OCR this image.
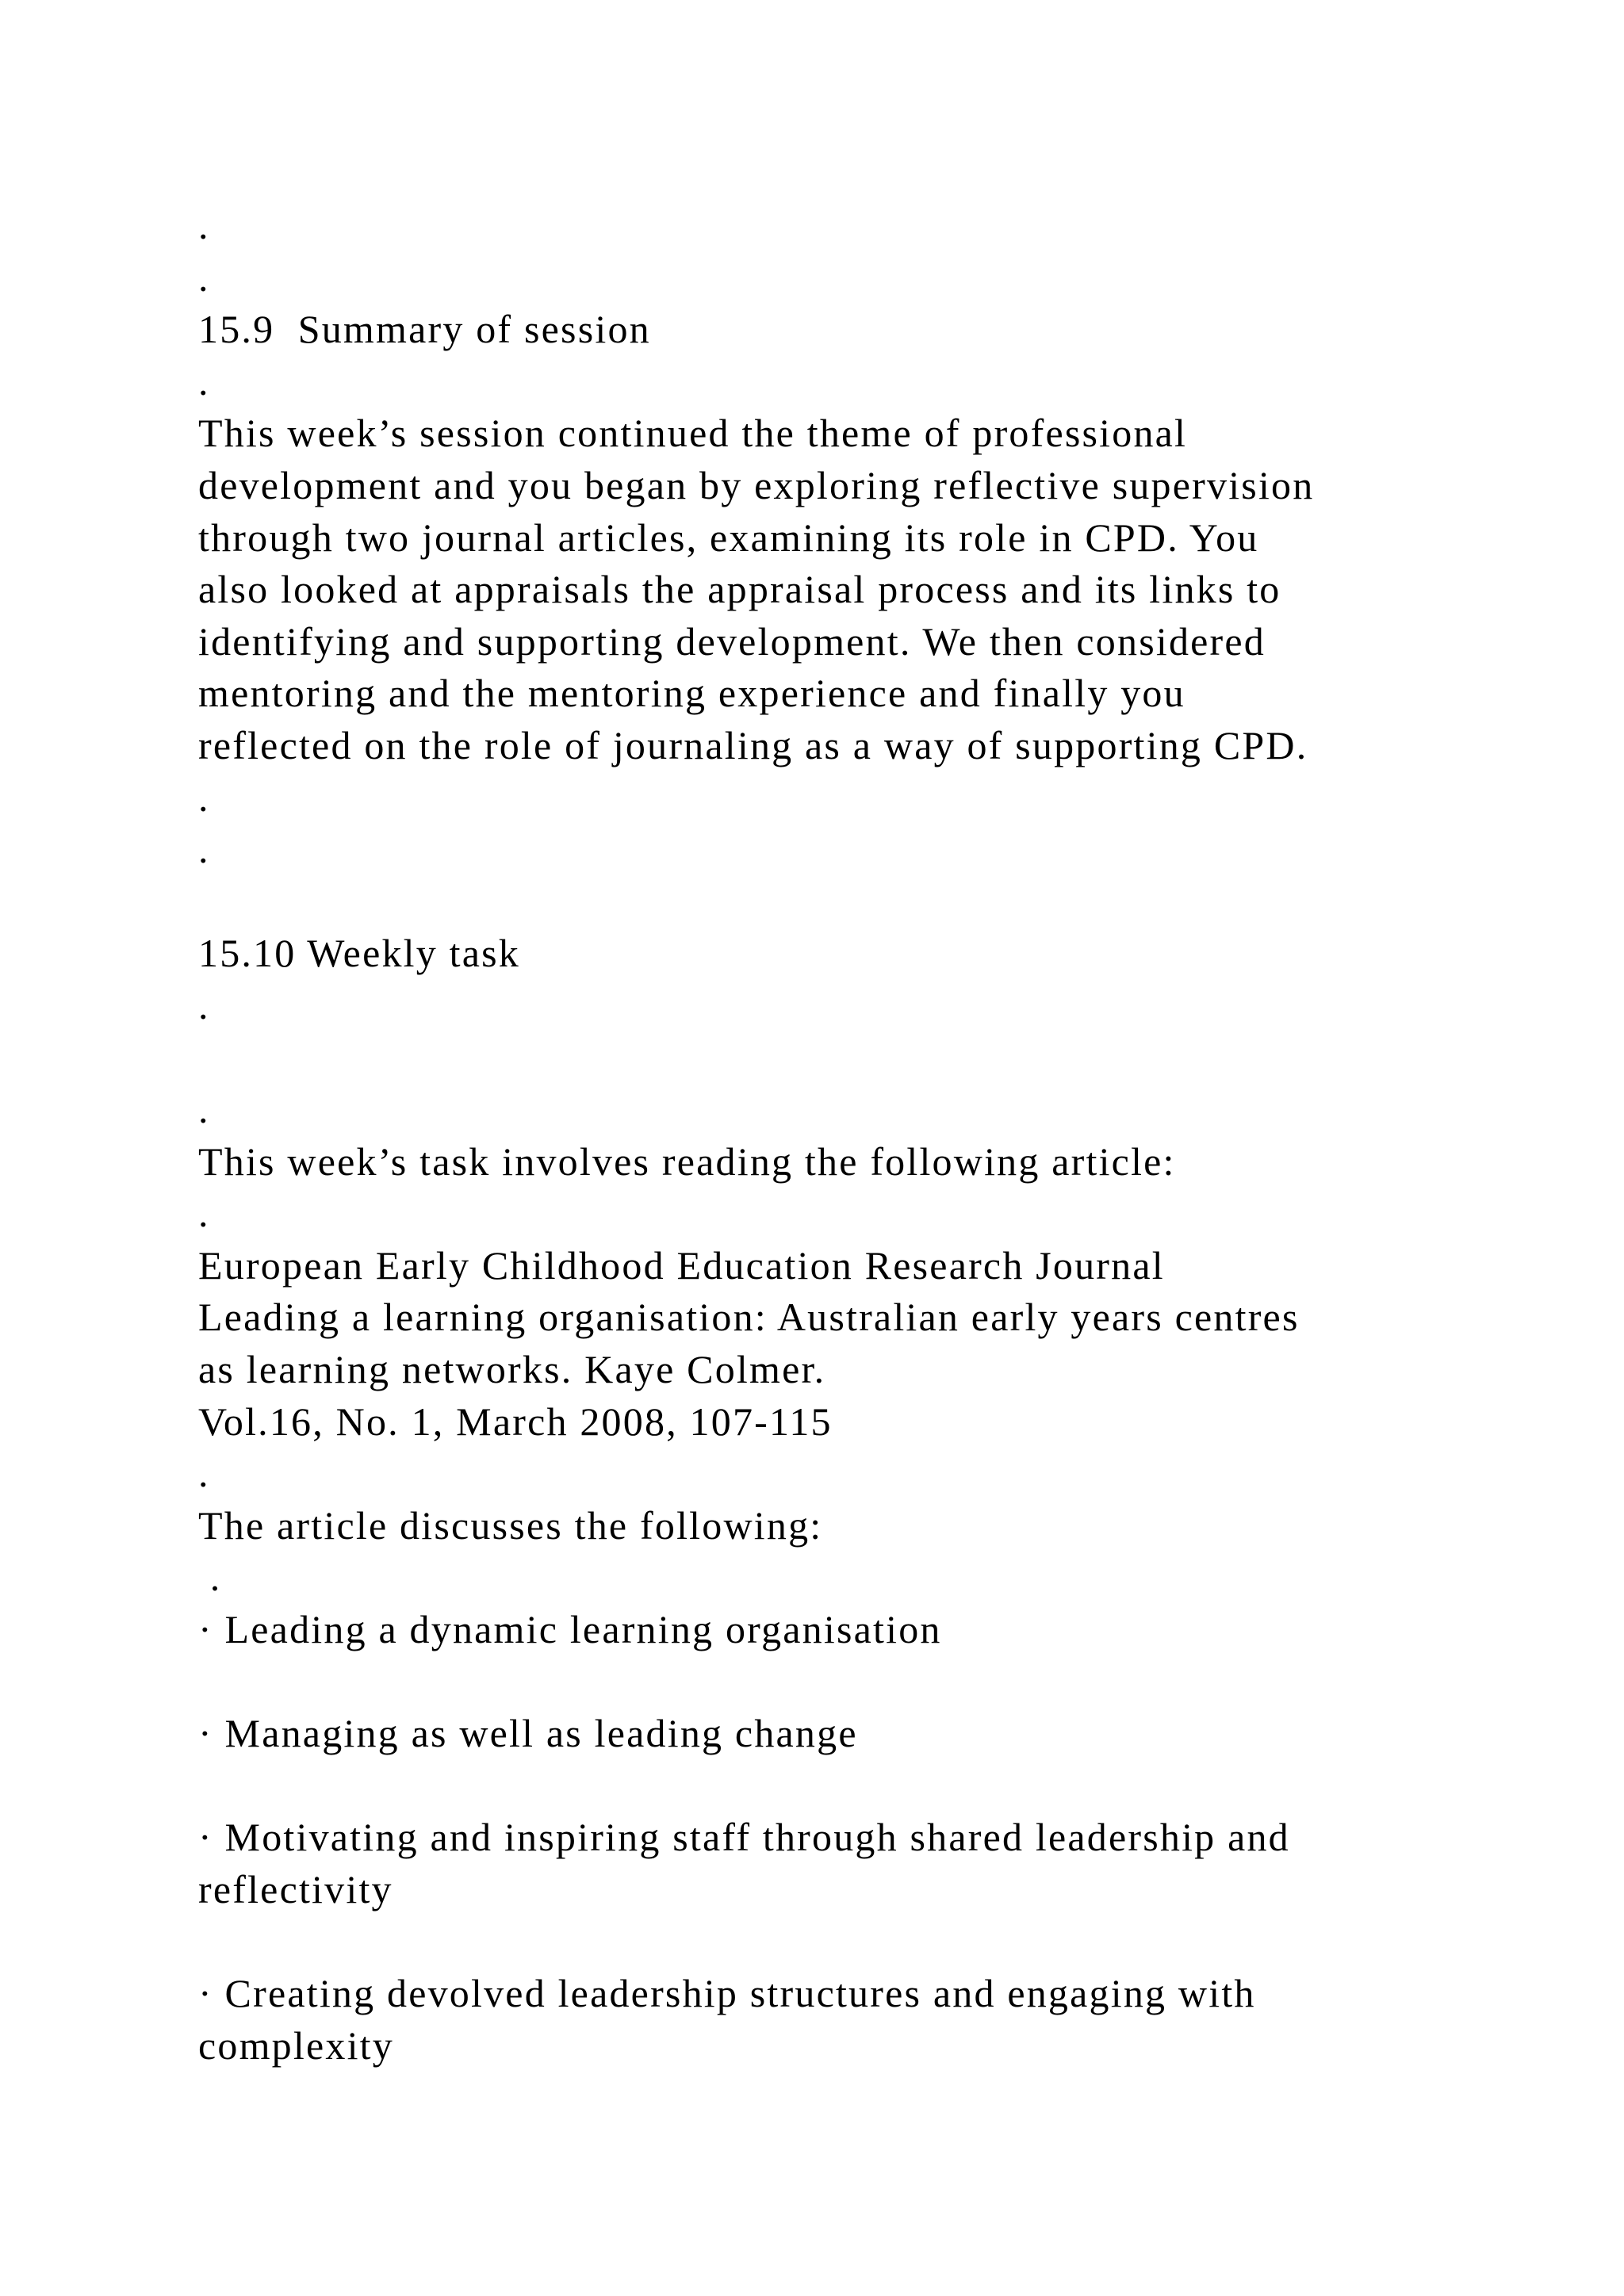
.
.
15.9  Summary of session
.
This week’s session continued the theme of professional
development and you began by exploring reflective supervision
through two journal articles, examining its role in CPD. You
also looked at appraisals the appraisal process and its links to
identifying and supporting development. We then considered
mentoring and the mentoring experience and finally you
reflected on the role of journaling as a way of supporting CPD.
.
.
15.10 Weekly task
.
.
This week’s task involves reading the following article:
.
European Early Childhood Education Research Journal
Leading a learning organisation: Australian early years centres
as learning networks. Kaye Colmer.
Vol.16, No. 1, March 2008, 107-115
.
The article discusses the following:
.
· Leading a dynamic learning organisation
· Managing as well as leading change
· Motivating and inspiring staff through shared leadership and
reflectivity
· Creating devolved leadership structures and engaging with
complexity
